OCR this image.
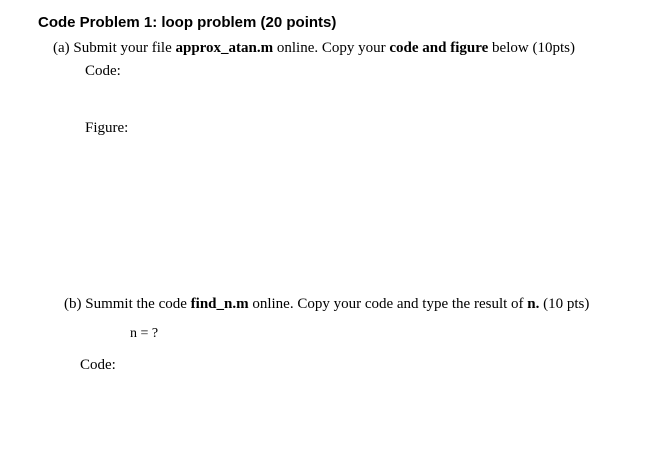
Code Problem 1: loop problem (20 points)
(a) Submit your file approx_atan.m online. Copy your code and figure below (10pts)
Code:
Figure:
(b) Summit the code find_n.m online. Copy your code and type the result of n. (10 pts)
n = ?
Code:
